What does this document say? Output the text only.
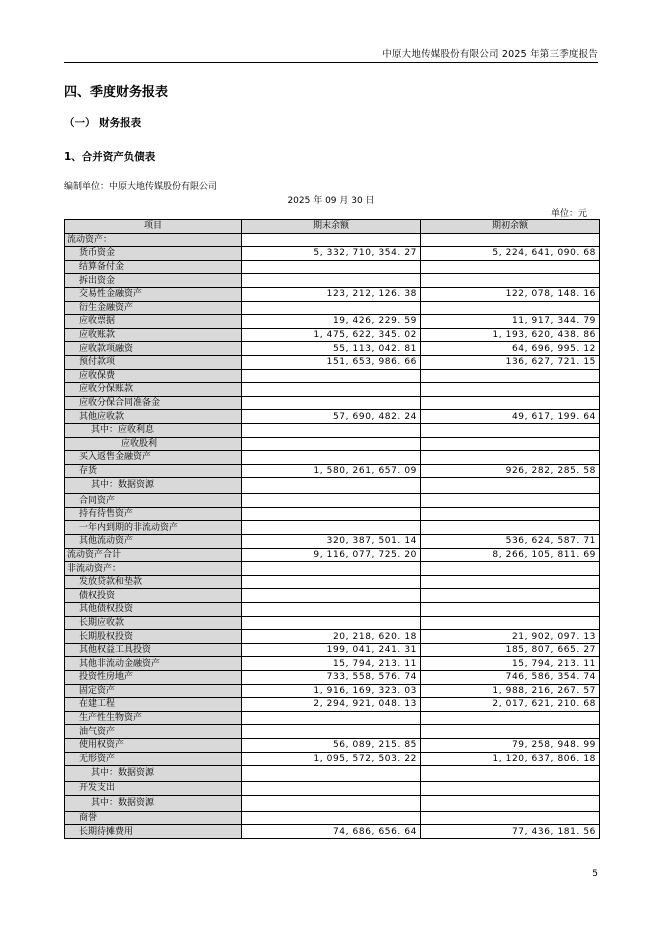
中原大地传媒股份有限公司 2025 年第三季度报告
四、季度财务报表
（一） 财务报表
1、合并资产负债表
编制单位：中原大地传媒股份有限公司
2025 年 09 月 30 日
单位：元
项目	期末余额	期初余额
流动资产：		
货币资金	5, 332, 710, 354. 27	5, 224, 641, 090. 68
结算备付金		
拆出资金		
交易性金融资产	123, 212, 126. 38	122, 078, 148. 16
衍生金融资产		
应收票据	19, 426, 229. 59	11, 917, 344. 79
应收账款	1, 475, 622, 345. 02	1, 193, 620, 438. 86
应收款项融资	55, 113, 042. 81	64, 696, 995. 12
预付款项	151, 653, 986. 66	136, 627, 721. 15
应收保费		
应收分保账款		
应收分保合同准备金		
其他应收款	57, 690, 482. 24	49, 617, 199. 64
其中：应收利息		
应收股利		
买入返售金融资产		
存货	1, 580, 261, 657. 09	926, 282, 285. 58
其中：数据资源		
合同资产		
持有待售资产		
一年内到期的非流动资产		
其他流动资产	320, 387, 501. 14	536, 624, 587. 71
流动资产合计	9, 116, 077, 725. 20	8, 266, 105, 811. 69
非流动资产：		
发放贷款和垫款		
债权投资		
其他债权投资		
长期应收款		
长期股权投资	20, 218, 620. 18	21, 902, 097. 13
其他权益工具投资	199, 041, 241. 31	185, 807, 665. 27
其他非流动金融资产	15, 794, 213. 11	15, 794, 213. 11
投资性房地产	733, 558, 576. 74	746, 586, 354. 74
固定资产	1, 916, 169, 323. 03	1, 988, 216, 267. 57
在建工程	2, 294, 921, 048. 13	2, 017, 621, 210. 68
生产性生物资产		
油气资产		
使用权资产	56, 089, 215. 85	79, 258, 948. 99
无形资产	1, 095, 572, 503. 22	1, 120, 637, 806. 18
其中：数据资源		
开发支出		
其中：数据资源		
商誉		
长期待摊费用	74, 686, 656. 64	77, 436, 181. 56
5
